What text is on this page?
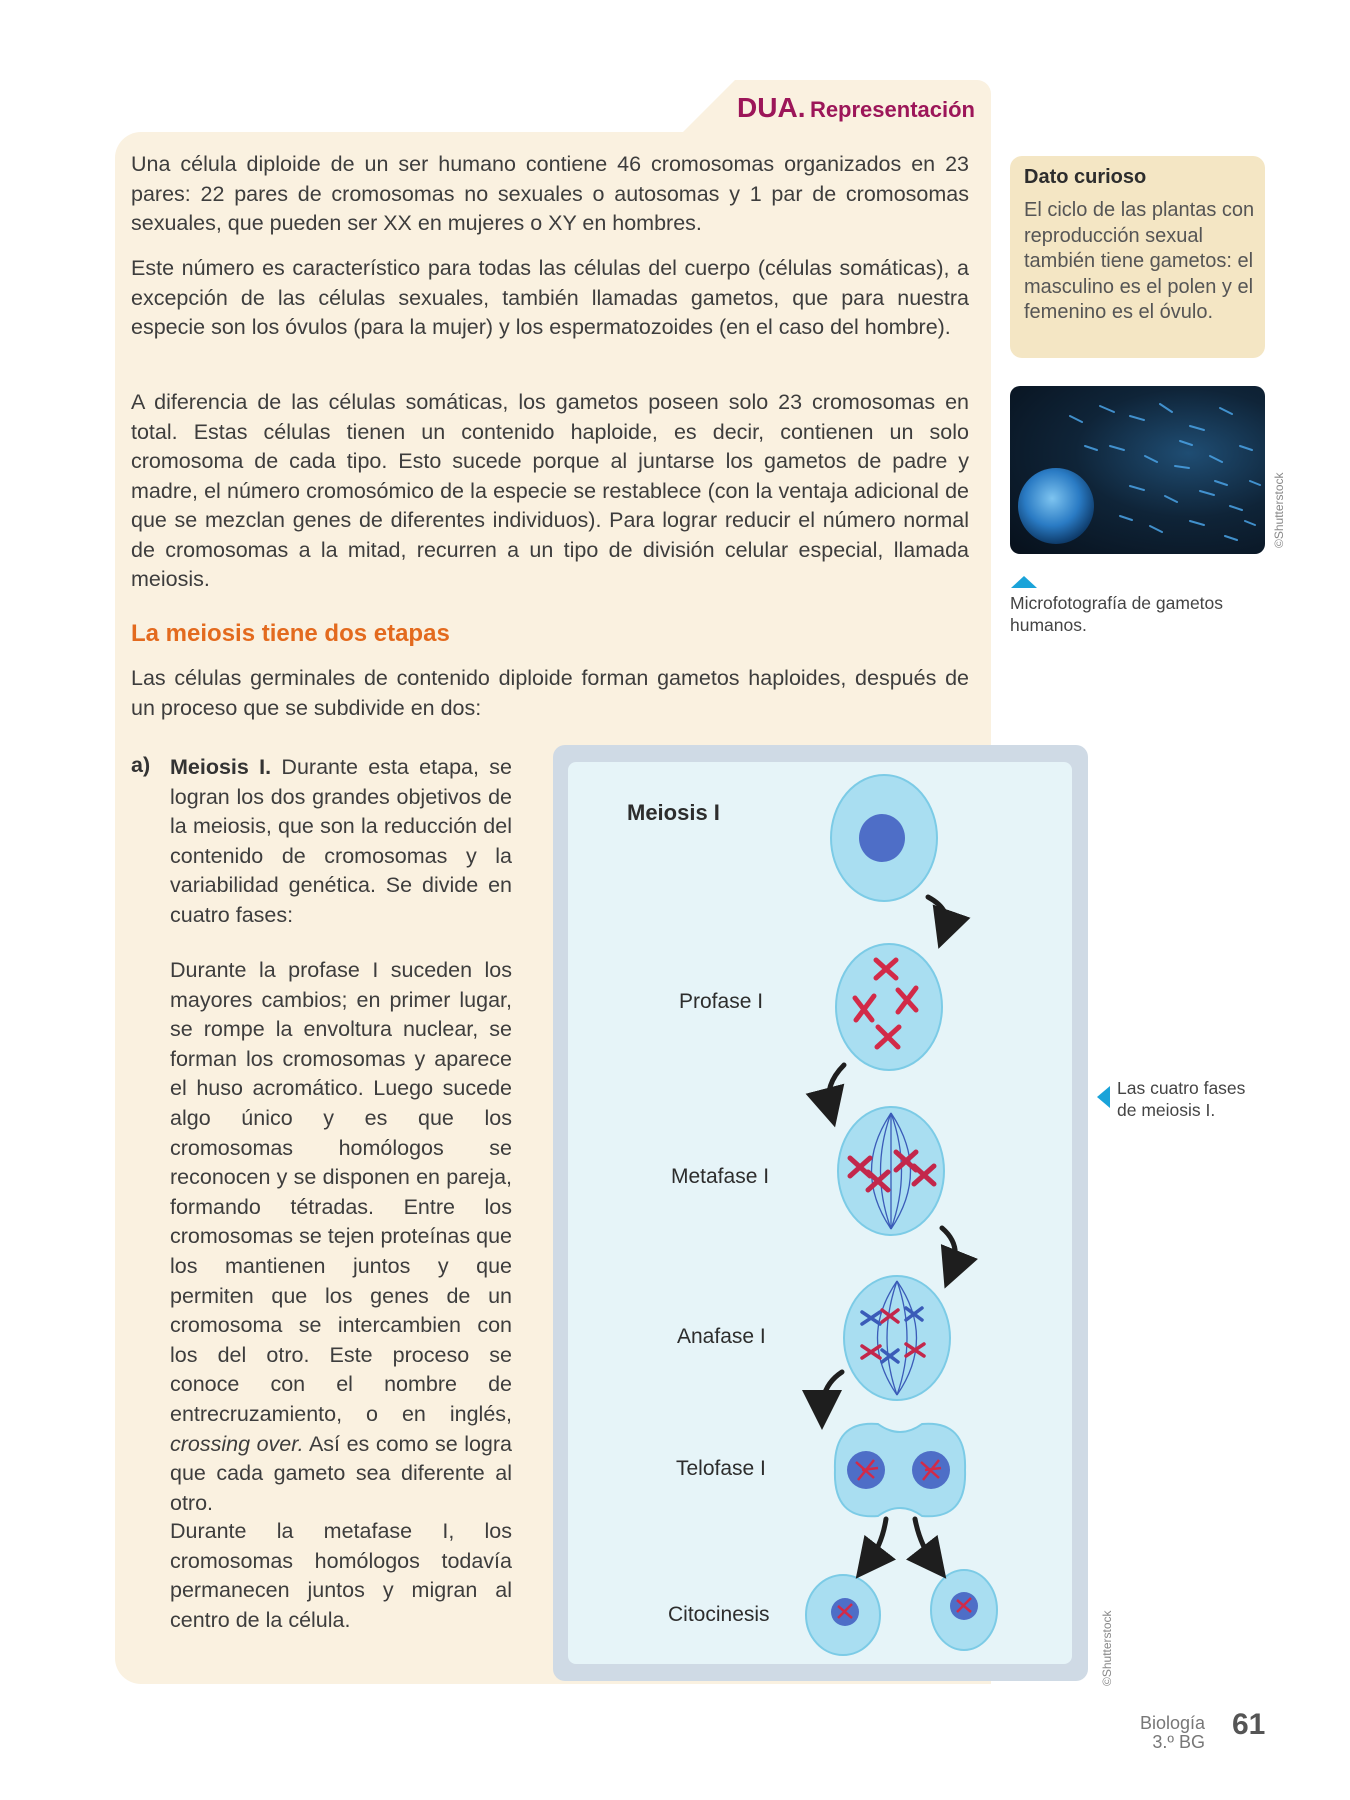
DUA. Representación
Una célula diploide de un ser humano contiene 46 cromosomas organizados en 23 pares: 22 pares de cromosomas no sexuales o autosomas y 1 par de cromosomas sexuales, que pueden ser XX en mujeres o XY en hombres.
Este número es característico para todas las células del cuerpo (células somáticas), a excepción de las células sexuales, también llamadas gametos, que para nuestra especie son los óvulos (para la mujer) y los espermatozoides (en el caso del hombre).
A diferencia de las células somáticas, los gametos poseen solo 23 cromosomas en total. Estas células tienen un contenido haploide, es decir, contienen un solo cromosoma de cada tipo. Esto sucede porque al juntarse los gametos de padre y madre, el número cromosómico de la especie se restablece (con la ventaja adicional de que se mezclan genes de diferentes individuos). Para lograr reducir el número normal de cromosomas a la mitad, recurren a un tipo de división celular especial, llamada meiosis.
La meiosis tiene dos etapas
Las células germinales de contenido diploide forman gametos haploides, después de un proceso que se subdivide en dos:
a) Meiosis I. Durante esta etapa, se logran los dos grandes objetivos de la meiosis, que son la reducción del contenido de cromosomas y la variabilidad genética. Se divide en cuatro fases:
Durante la profase I suceden los mayores cambios; en primer lugar, se rompe la envoltura nuclear, se forman los cromosomas y aparece el huso acromático. Luego sucede algo único y es que los cromosomas homólogos se reconocen y se disponen en pareja, formando tétradas. Entre los cromosomas se tejen proteínas que los mantienen juntos y que permiten que los genes de un cromosoma se intercambien con los del otro. Este proceso se conoce con el nombre de entrecruzamiento, o en inglés, crossing over. Así es como se logra que cada gameto sea diferente al otro.
Durante la metafase I, los cromosomas homólogos todavía permanecen juntos y migran al centro de la célula.
Meiosis I
Profase I
Metafase I
Anafase I
Telofase I
Citocinesis	©Shutterstock
Las cuatro fases de meiosis I.
Dato curioso
El ciclo de las plantas con reproducción sexual también tiene gametos: el masculino es el polen y el femenino es el óvulo.
©Shutterstock
Microfotografía de gametos humanos.
Biología
3.º BG
61
